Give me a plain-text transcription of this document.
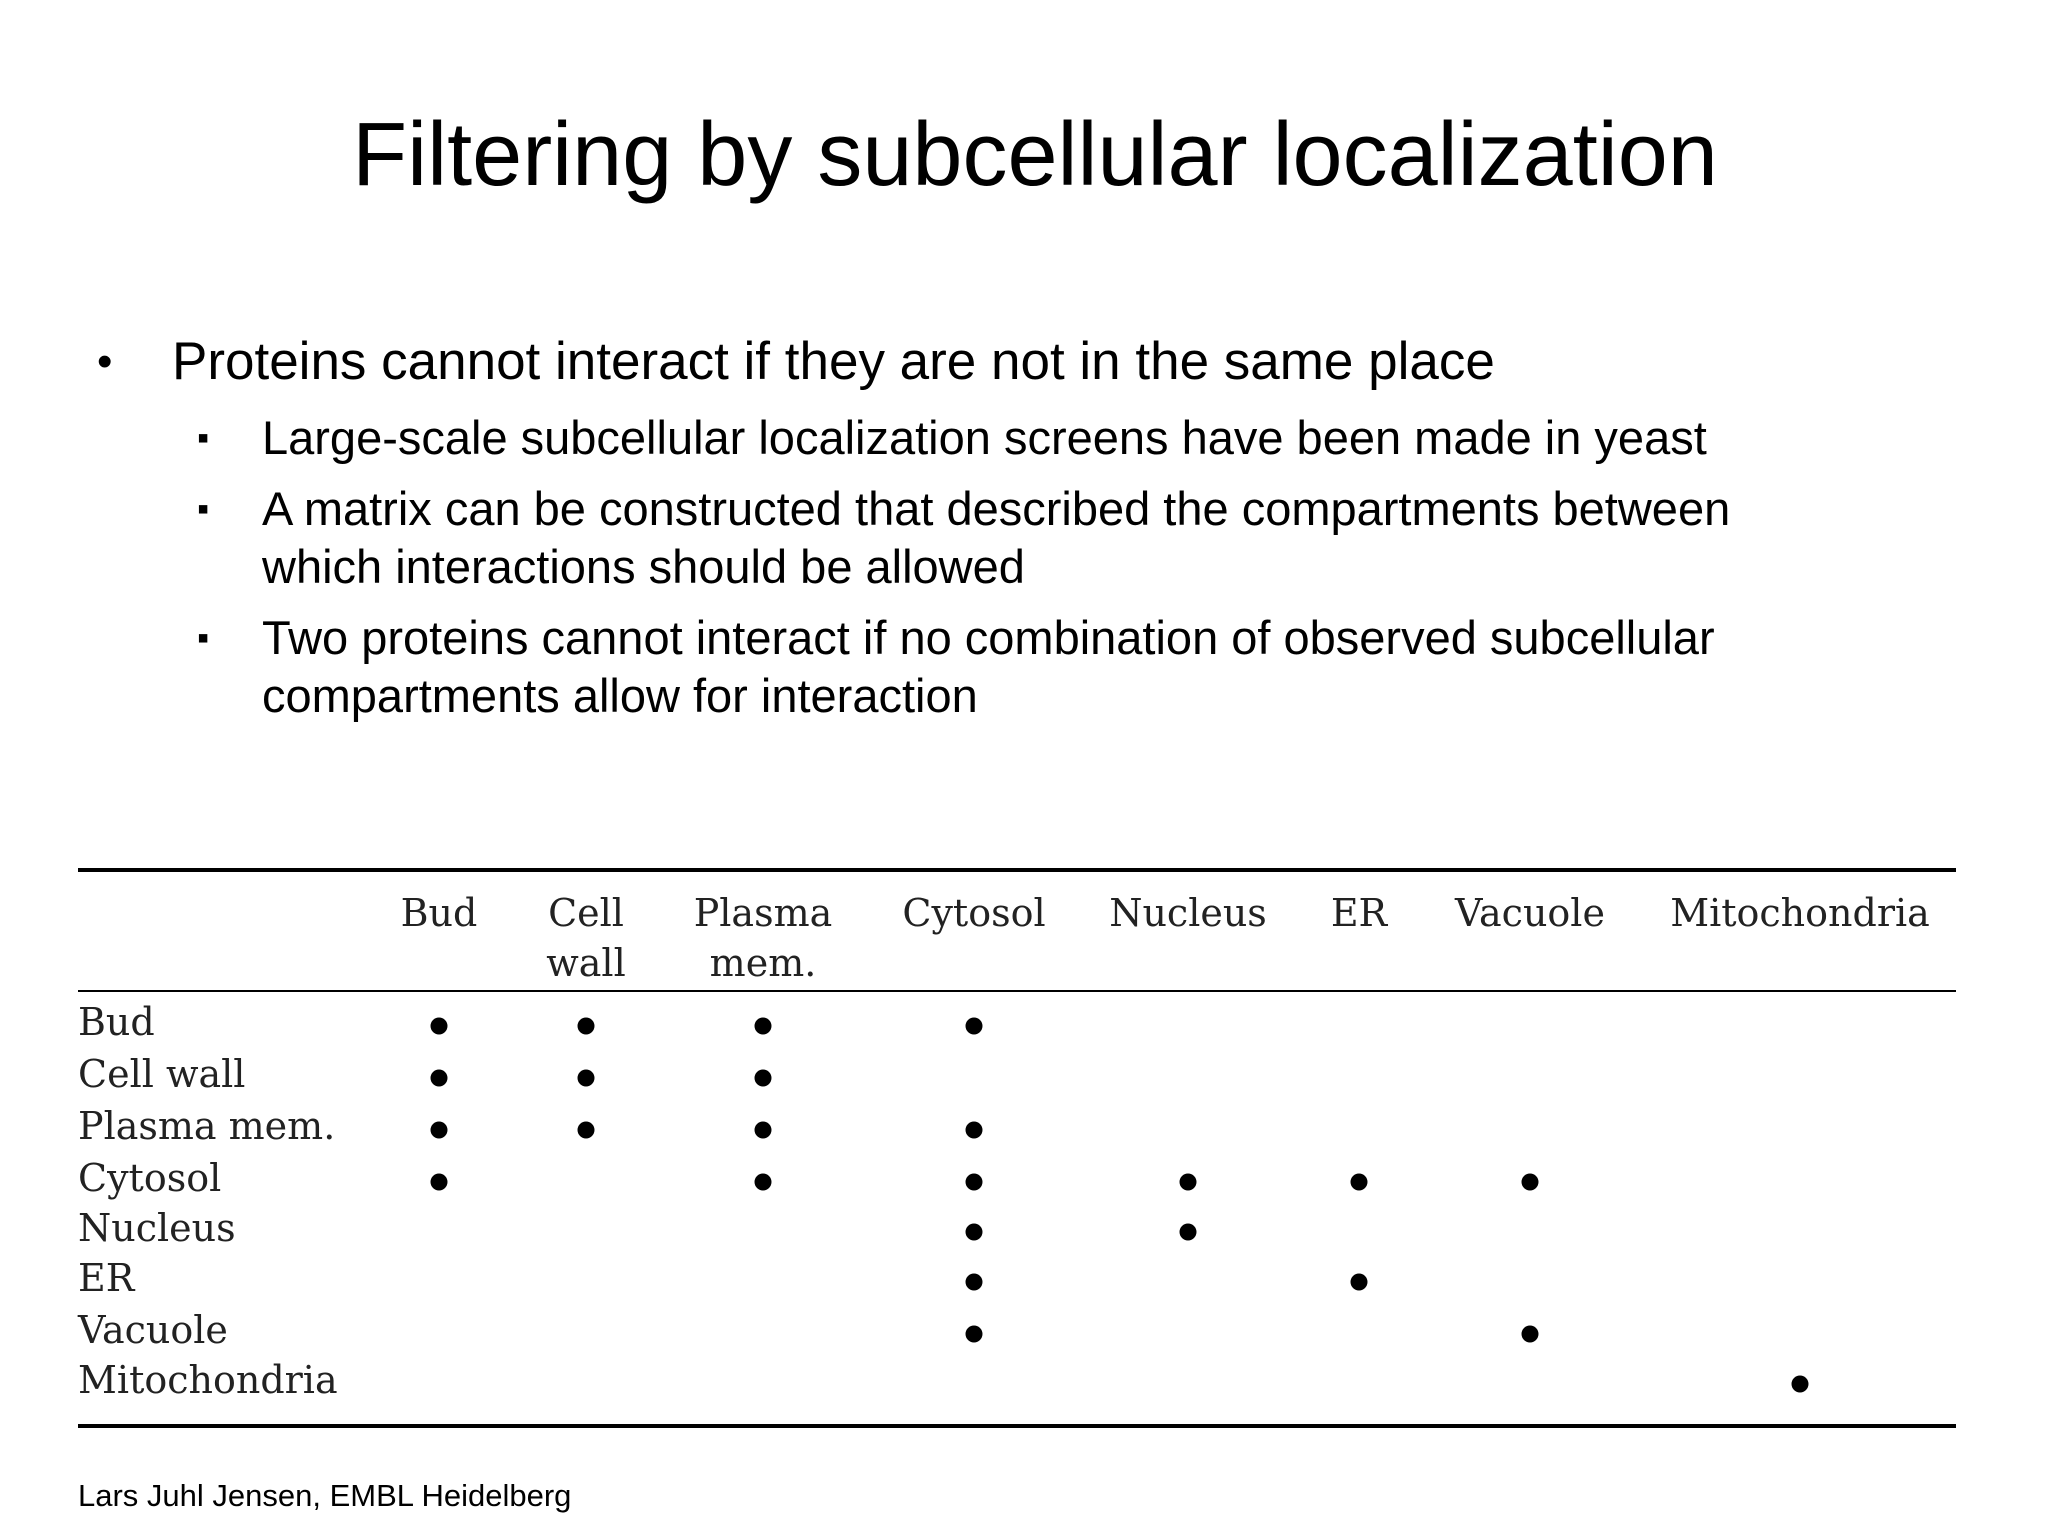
Filtering by subcellular localization
• Proteins cannot interact if they are not in the same place
▪ Large-scale subcellular localization screens have been made in yeast
▪ A matrix can be constructed that described the compartments between
which interactions should be allowed
▪ Two proteins cannot interact if no combination of observed subcellular
compartments allow for interaction
Bud Cell
wall
Plasma
mem.
Cytosol Nucleus ER Vacuole Mitochondria
Bud
Cell wall
Plasma mem.
Cytosol
Nucleus
ER
Vacuole
Mitochondria
Lars Juhl Jensen, EMBL Heidelberg
